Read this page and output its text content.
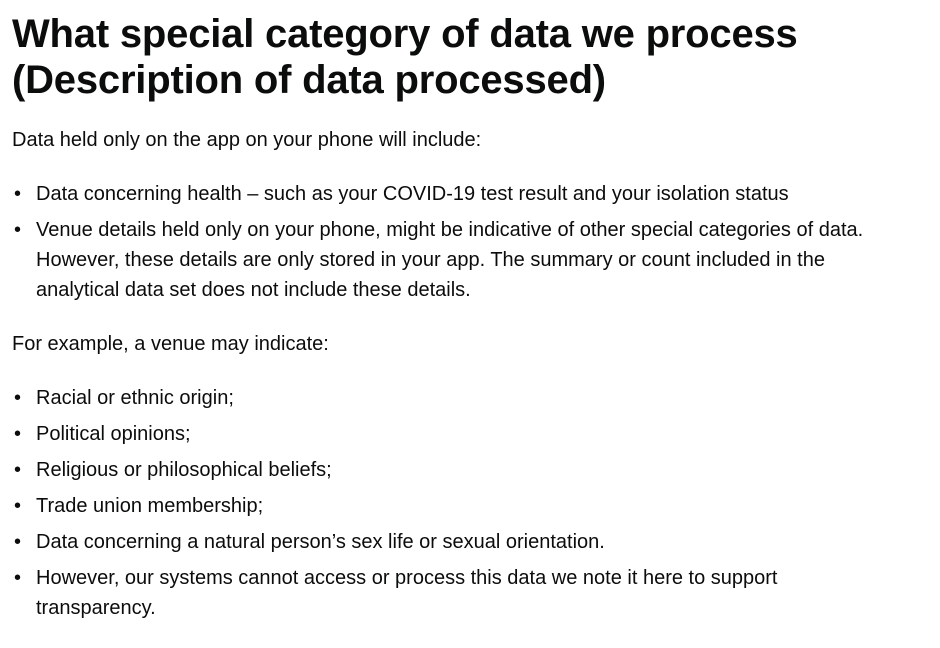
What special category of data we process (Description of data processed)

Data held only on the app on your phone will include:

• Data concerning health – such as your COVID-19 test result and your isolation status
• Venue details held only on your phone, might be indicative of other special categories of data. However, these details are only stored in your app. The summary or count included in the analytical data set does not include these details.

For example, a venue may indicate:

• Racial or ethnic origin;
• Political opinions;
• Religious or philosophical beliefs;
• Trade union membership;
• Data concerning a natural person’s sex life or sexual orientation.
• However, our systems cannot access or process this data we note it here to support transparency.
